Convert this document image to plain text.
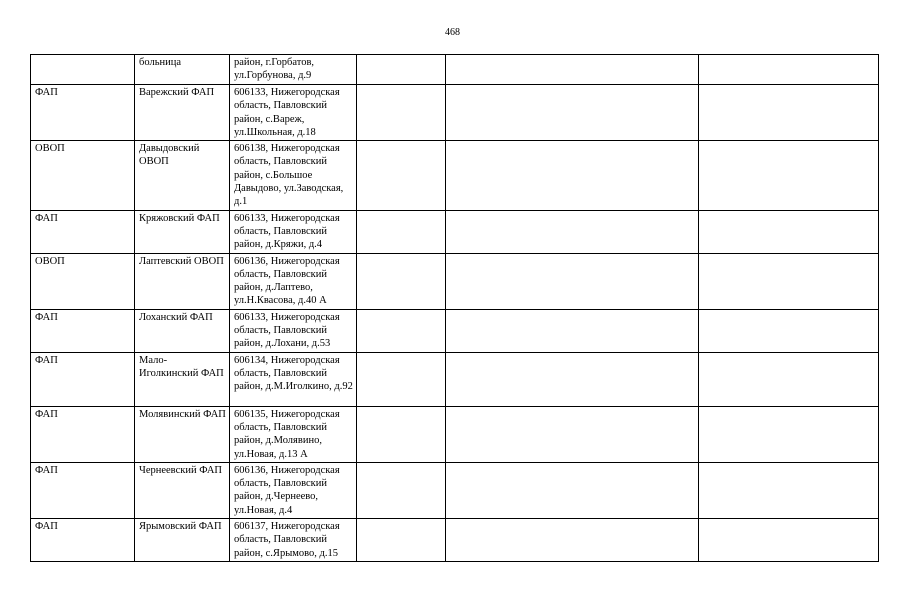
468
	больница	район, г.Горбатов, ул.Горбунова, д.9			
ФАП	Варежский ФАП	606133, Нижегородская область, Павловский район, с.Вареж, ул.Школьная, д.18			
ОВОП	Давыдовский ОВОП	606138, Нижегородская область, Павловский район, с.Большое Давыдово, ул.Заводская, д.1			
ФАП	Кряжовский ФАП	606133, Нижегородская область, Павловский район, д.Кряжи, д.4			
ОВОП	Лаптевский ОВОП	606136, Нижегородская область, Павловский район, д.Лаптево, ул.Н.Квасова, д.40 А			
ФАП	Лоханский ФАП	606133, Нижегородская область, Павловский район, д.Лохани, д.53			
ФАП	Мало-Иголкинский ФАП	606134, Нижегородская область, Павловский район, д.М.Иголкино, д.92			
ФАП	Молявинский ФАП	606135, Нижегородская область, Павловский район, д.Молявино, ул.Новая, д.13 А			
ФАП	Чернеевский ФАП	606136, Нижегородская область, Павловский район, д.Чернеево, ул.Новая, д.4			
ФАП	Ярымовский ФАП	606137, Нижегородская область, Павловский район, с.Ярымово, д.15			
